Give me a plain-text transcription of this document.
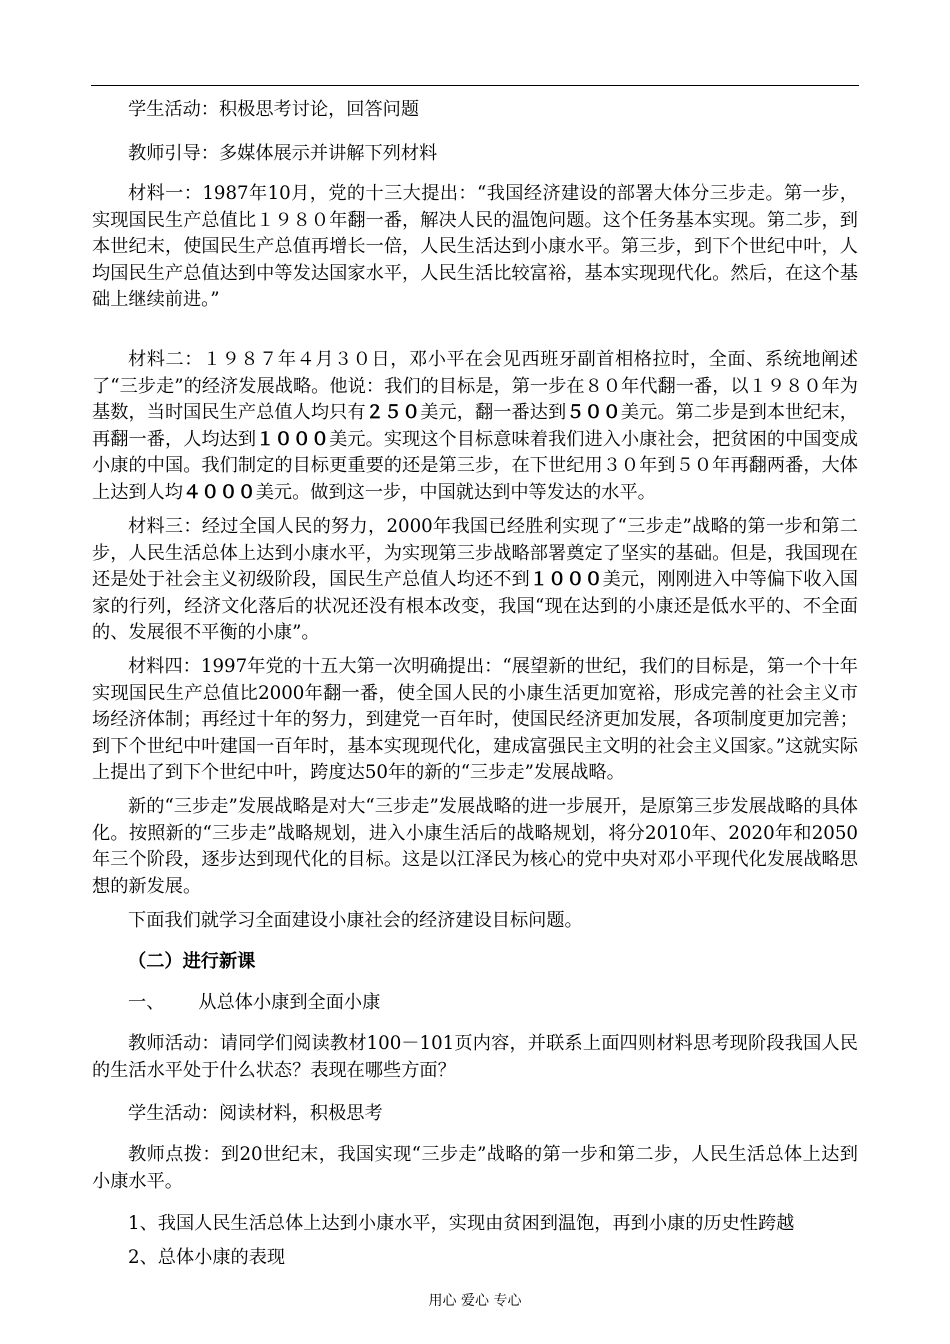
学生活动：积极思考讨论，回答问题

教师引导：多媒体展示并讲解下列材料

材料一：1987年10月，党的十三大提出：“我国经济建设的部署大体分三步走。第一步，实现国民生产总值比１９８０年翻一番，解决人民的温饱问题。这个任务基本实现。第二步，到本世纪末，使国民生产总值再增长一倍，人民生活达到小康水平。第三步，到下个世纪中叶，人均国民生产总值达到中等发达国家水平，人民生活比较富裕，基本实现现代化。然后，在这个基础上继续前进。”

材料二：１９８７年４月３０日，邓小平在会见西班牙副首相格拉时，全面、系统地阐述了“三步走”的经济发展战略。他说：我们的目标是，第一步在８０年代翻一番，以１９８０年为基数，当时国民生产总值人均只有２５０美元，翻一番达到５００美元。第二步是到本世纪末，再翻一番，人均达到１０００美元。实现这个目标意味着我们进入小康社会，把贫困的中国变成小康的中国。我们制定的目标更重要的还是第三步，在下世纪用３０年到５０年再翻两番，大体上达到人均４０００美元。做到这一步，中国就达到中等发达的水平。

材料三：经过全国人民的努力，2000年我国已经胜利实现了“三步走”战略的第一步和第二步，人民生活总体上达到小康水平，为实现第三步战略部署奠定了坚实的基础。但是，我国现在还是处于社会主义初级阶段，国民生产总值人均还不到１０００美元，刚刚进入中等偏下收入国家的行列，经济文化落后的状况还没有根本改变，我国“现在达到的小康还是低水平的、不全面的、发展很不平衡的小康”。

材料四：1997年党的十五大第一次明确提出：“展望新的世纪，我们的目标是，第一个十年实现国民生产总值比2000年翻一番，使全国人民的小康生活更加宽裕，形成完善的社会主义市场经济体制；再经过十年的努力，到建党一百年时，使国民经济更加发展，各项制度更加完善；到下个世纪中叶建国一百年时，基本实现现代化，建成富强民主文明的社会主义国家。”这就实际上提出了到下个世纪中叶，跨度达50年的新的“三步走”发展战略。

新的“三步走”发展战略是对大“三步走”发展战略的进一步展开，是原第三步发展战略的具体化。按照新的“三步走”战略规划，进入小康生活后的战略规划，将分2010年、2020年和2050年三个阶段，逐步达到现代化的目标。这是以江泽民为核心的党中央对邓小平现代化发展战略思想的新发展。

下面我们就学习全面建设小康社会的经济建设目标问题。

（二）进行新课

一、 从总体小康到全面小康

教师活动：请同学们阅读教材100－101页内容，并联系上面四则材料思考现阶段我国人民的生活水平处于什么状态？表现在哪些方面？

学生活动：阅读材料，积极思考

教师点拨：到20世纪末，我国实现“三步走”战略的第一步和第二步，人民生活总体上达到小康水平。

1、我国人民生活总体上达到小康水平，实现由贫困到温饱，再到小康的历史性跨越

2、总体小康的表现

用心 爱心 专心
